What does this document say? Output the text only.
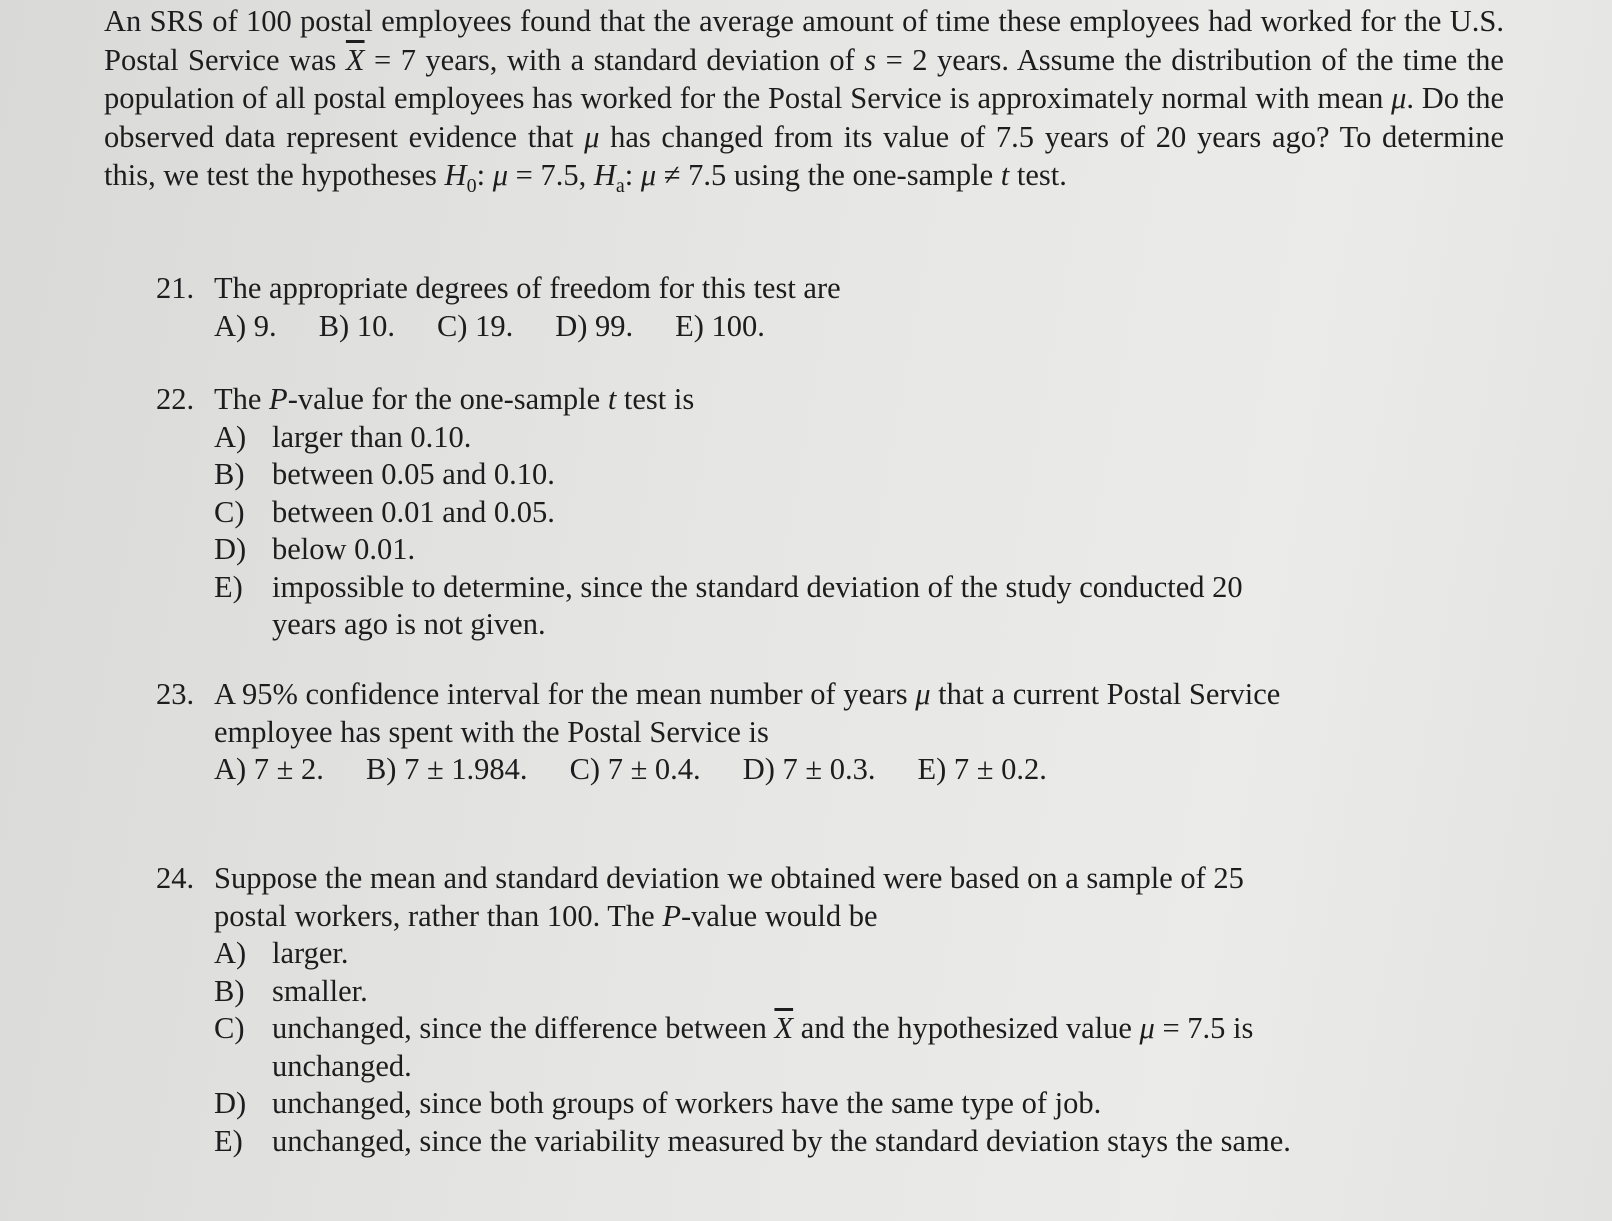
An SRS of 100 postal employees found that the average amount of time these employees had worked for the U.S. Postal Service was $\overline{X} = 7$ years, with a standard deviation of s = 2 years. Assume the distribution of the time the population of all postal employees has worked for the Postal Service is approximately normal with mean μ. Do the observed data represent evidence that μ has changed from its value of 7.5 years of 20 years ago? To determine this, we test the hypotheses $H_0$: μ = 7.5, $H_a$: μ ≠ 7.5 using the one-sample t test.

21. The appropriate degrees of freedom for this test are
A) 9. B) 10. C) 19. D) 99. E) 100.
22. The P-value for the one-sample t test is
A) larger than 0.10.
B) between 0.05 and 0.10.
C) between 0.01 and 0.05.
D) below 0.01.
E) impossible to determine, since the standard deviation of the study conducted 20 years ago is not given.
23. A 95% confidence interval for the mean number of years μ that a current Postal Service employee has spent with the Postal Service is
A) 7 ± 2. B) 7 ± 1.984. C) 7 ± 0.4. D) 7 ± 0.3. E) 7 ± 0.2.
24. Suppose the mean and standard deviation we obtained were based on a sample of 25 postal workers, rather than 100. The P-value would be
A) larger.
B) smaller.
C) unchanged, since the difference between $\overline{X}$ and the hypothesized value μ = 7.5 is unchanged.
D) unchanged, since both groups of workers have the same type of job.
E) unchanged, since the variability measured by the standard deviation stays the same.
